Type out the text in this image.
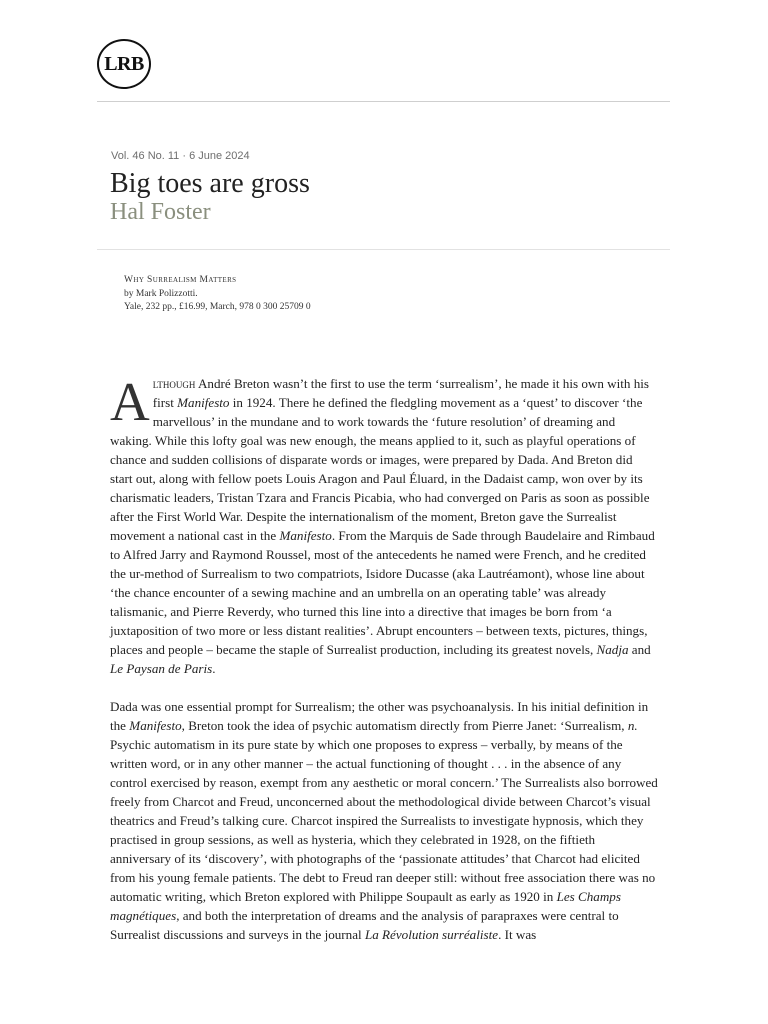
LRB
Vol. 46 No. 11 · 6 June 2024
Big toes are gross
Hal Foster
Why Surrealism Matters
by Mark Polizzotti.
Yale, 232 pp., £16.99, March, 978 0 300 25709 0

Although André Breton wasn’t the first to use the term ‘surrealism’, he made it his own with his first Manifesto in 1924. There he defined the fledgling movement as a ‘quest’ to discover ‘the marvellous’ in the mundane and to work towards the ‘future resolution’ of dreaming and waking. While this lofty goal was new enough, the means applied to it, such as playful operations of chance and sudden collisions of disparate words or images, were prepared by Dada. And Breton did start out, along with fellow poets Louis Aragon and Paul Éluard, in the Dadaist camp, won over by its charismatic leaders, Tristan Tzara and Francis Picabia, who had converged on Paris as soon as possible after the First World War. Despite the internationalism of the moment, Breton gave the Surrealist movement a national cast in the Manifesto. From the Marquis de Sade through Baudelaire and Rimbaud to Alfred Jarry and Raymond Roussel, most of the antecedents he named were French, and he credited the ur-method of Surrealism to two compatriots, Isidore Ducasse (aka Lautréamont), whose line about ‘the chance encounter of a sewing machine and an umbrella on an operating table’ was already talismanic, and Pierre Reverdy, who turned this line into a directive that images be born from ‘a juxtaposition of two more or less distant realities’. Abrupt encounters – between texts, pictures, things, places and people – became the staple of Surrealist production, including its greatest novels, Nadja and Le Paysan de Paris.

Dada was one essential prompt for Surrealism; the other was psychoanalysis. In his initial definition in the Manifesto, Breton took the idea of psychic automatism directly from Pierre Janet: ‘Surrealism, n. Psychic automatism in its pure state by which one proposes to express – verbally, by means of the written word, or in any other manner – the actual functioning of thought . . . in the absence of any control exercised by reason, exempt from any aesthetic or moral concern.’ The Surrealists also borrowed freely from Charcot and Freud, unconcerned about the methodological divide between Charcot’s visual theatrics and Freud’s talking cure. Charcot inspired the Surrealists to investigate hypnosis, which they practised in group sessions, as well as hysteria, which they celebrated in 1928, on the fiftieth anniversary of its ‘discovery’, with photographs of the ‘passionate attitudes’ that Charcot had elicited from his young female patients. The debt to Freud ran deeper still: without free association there was no automatic writing, which Breton explored with Philippe Soupault as early as 1920 in Les Champs magnétiques, and both the interpretation of dreams and the analysis of parapraxes were central to Surrealist discussions and surveys in the journal La Révolution surréaliste. It was
